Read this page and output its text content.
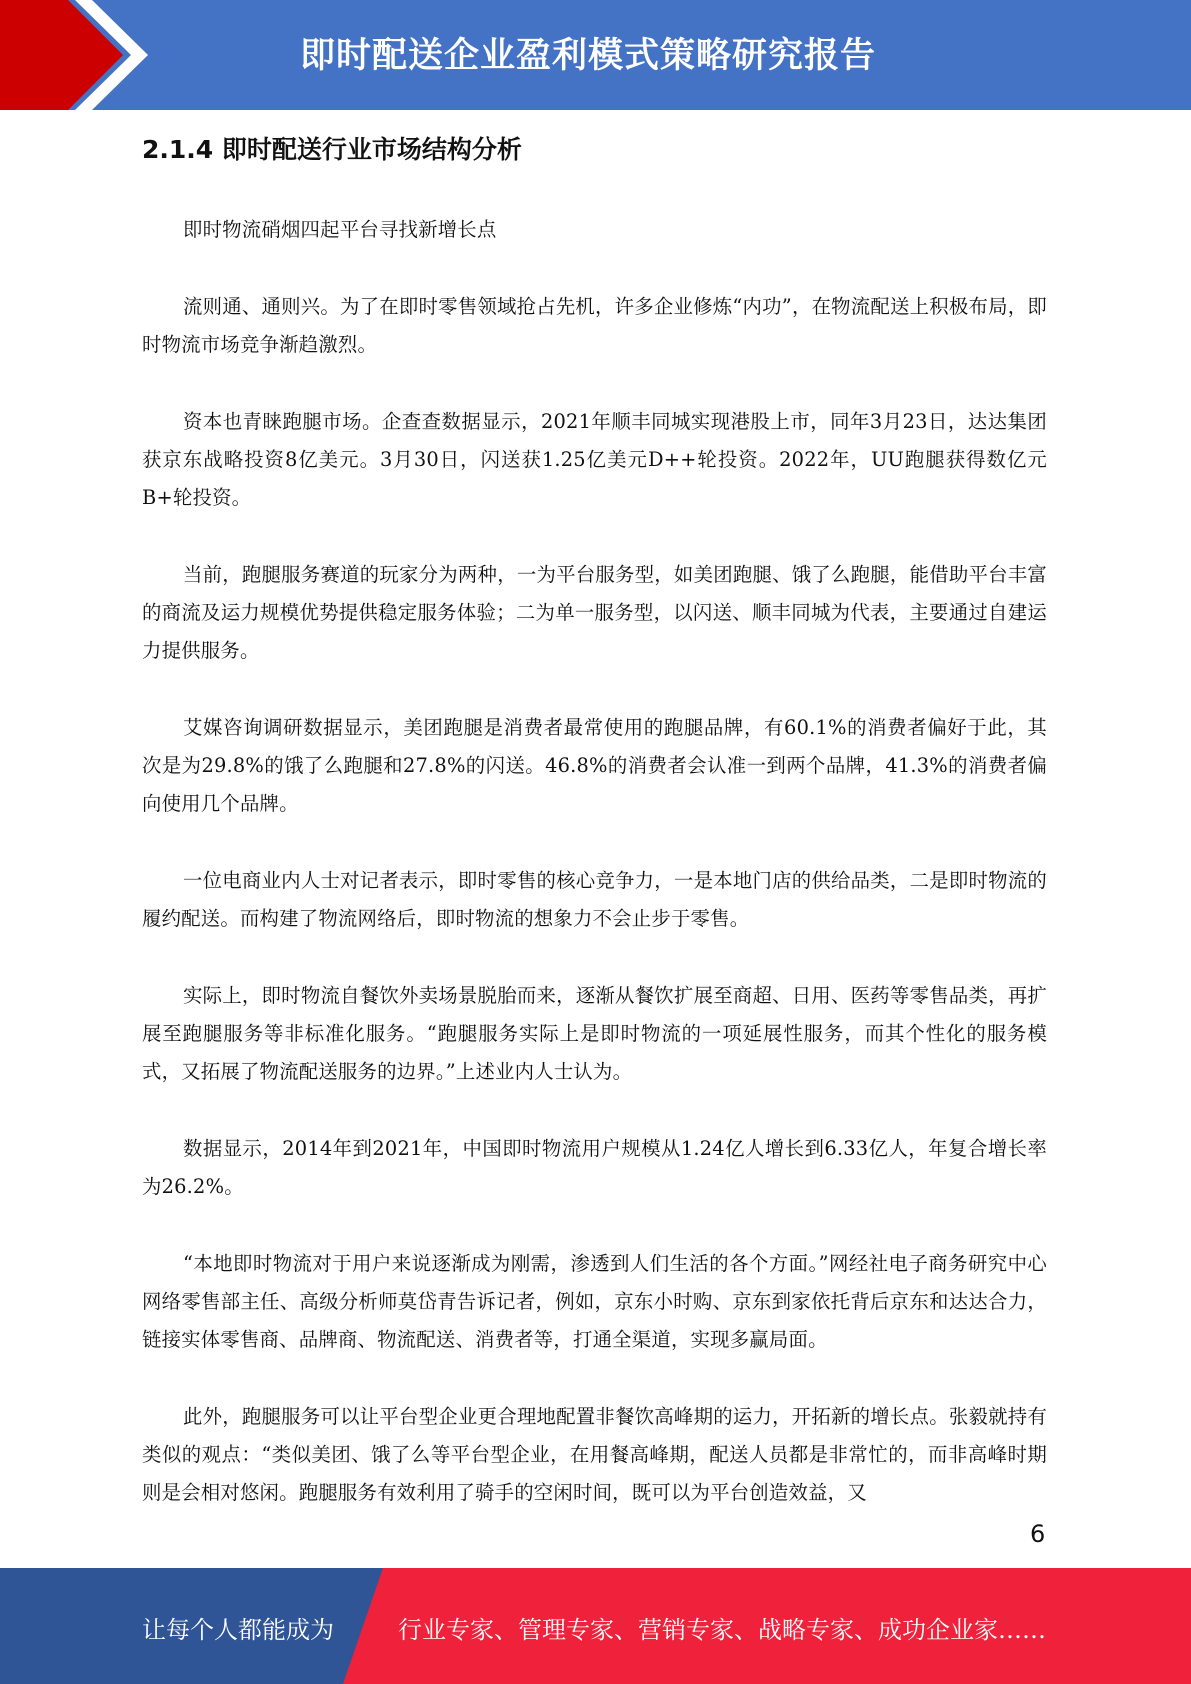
即时配送企业盈利模式策略研究报告
2.1.4 即时配送行业市场结构分析

即时物流硝烟四起平台寻找新增长点

流则通、通则兴。为了在即时零售领域抢占先机，许多企业修炼“内功”，在物流配送上积极布局，即时物流市场竞争渐趋激烈。

资本也青睐跑腿市场。企查查数据显示，2021年顺丰同城实现港股上市，同年3月23日，达达集团获京东战略投资8亿美元。3月30日，闪送获1.25亿美元D++轮投资。2022年，UU跑腿获得数亿元B+轮投资。

当前，跑腿服务赛道的玩家分为两种，一为平台服务型，如美团跑腿、饿了么跑腿，能借助平台丰富的商流及运力规模优势提供稳定服务体验；二为单一服务型，以闪送、顺丰同城为代表，主要通过自建运力提供服务。

艾媒咨询调研数据显示，美团跑腿是消费者最常使用的跑腿品牌，有60.1%的消费者偏好于此，其次是为29.8%的饿了么跑腿和27.8%的闪送。46.8%的消费者会认准一到两个品牌，41.3%的消费者偏向使用几个品牌。

一位电商业内人士对记者表示，即时零售的核心竞争力，一是本地门店的供给品类，二是即时物流的履约配送。而构建了物流网络后，即时物流的想象力不会止步于零售。

实际上，即时物流自餐饮外卖场景脱胎而来，逐渐从餐饮扩展至商超、日用、医药等零售品类，再扩展至跑腿服务等非标准化服务。“跑腿服务实际上是即时物流的一项延展性服务，而其个性化的服务模式，又拓展了物流配送服务的边界。”上述业内人士认为。

数据显示，2014年到2021年，中国即时物流用户规模从1.24亿人增长到6.33亿人，年复合增长率为26.2%。

“本地即时物流对于用户来说逐渐成为刚需，渗透到人们生活的各个方面。”网经社电子商务研究中心网络零售部主任、高级分析师莫岱青告诉记者，例如，京东小时购、京东到家依托背后京东和达达合力，链接实体零售商、品牌商、物流配送、消费者等，打通全渠道，实现多赢局面。

此外，跑腿服务可以让平台型企业更合理地配置非餐饮高峰期的运力，开拓新的增长点。张毅就持有类似的观点：“类似美团、饿了么等平台型企业，在用餐高峰期，配送人员都是非常忙的，而非高峰时期则是会相对悠闲。跑腿服务有效利用了骑手的空闲时间，既可以为平台创造效益，又

6
让每个人都能成为	行业专家、管理专家、营销专家、战略专家、成功企业家……
